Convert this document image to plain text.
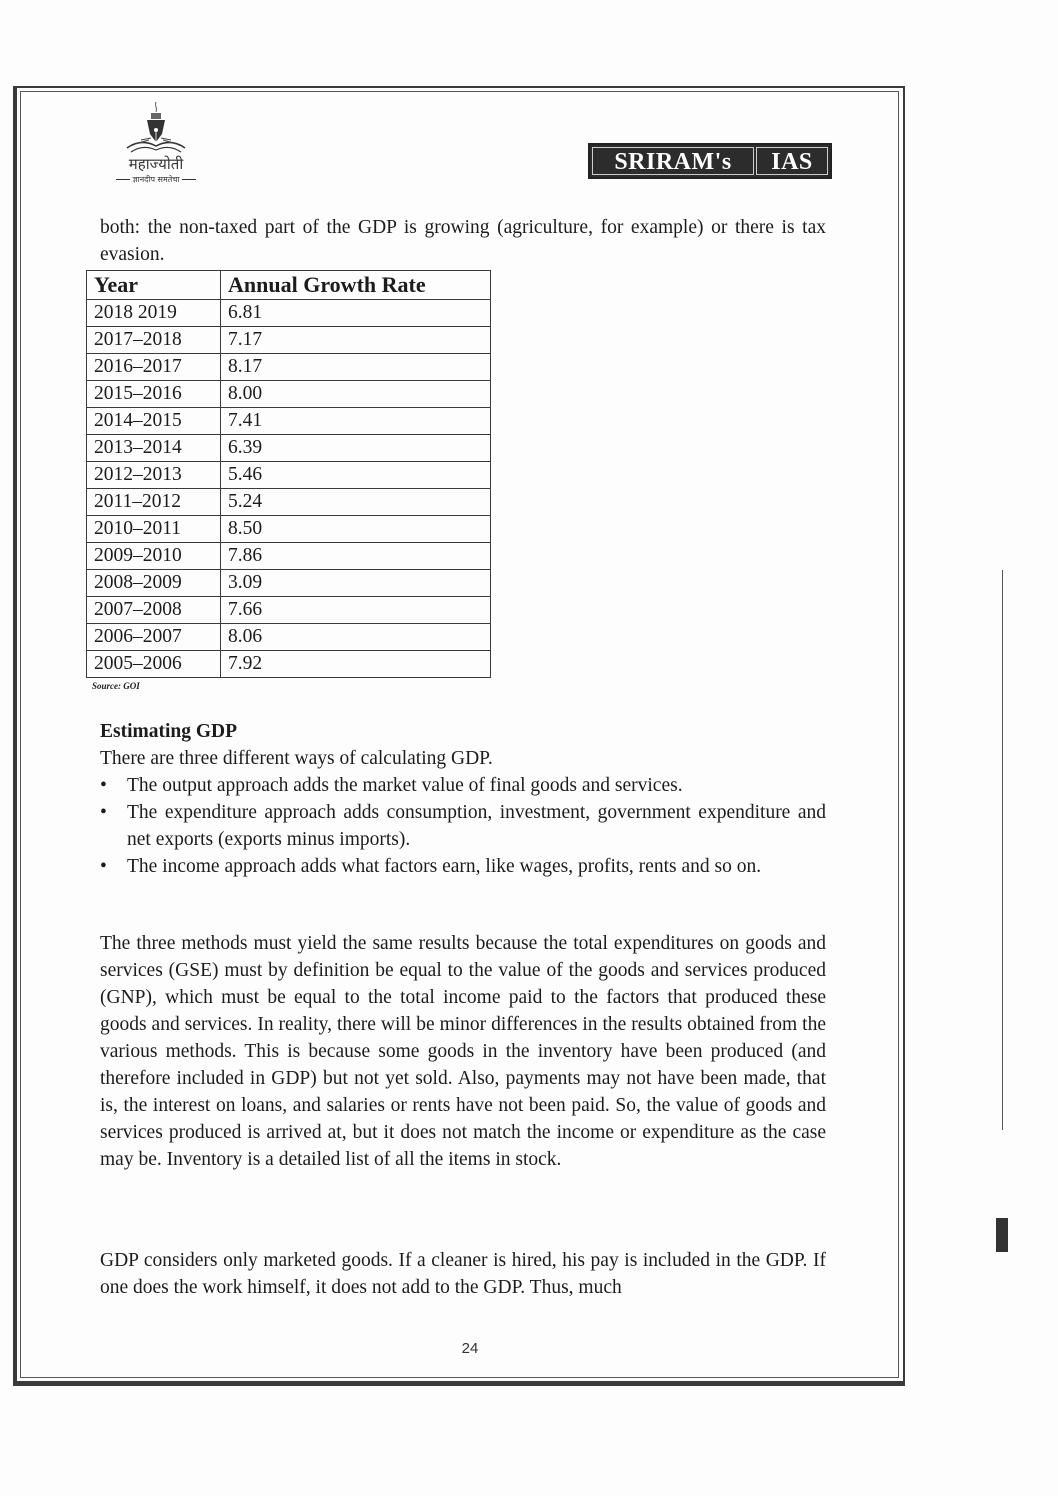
महाज्योती
ज्ञानदीप समतेचा
SRIRAM's	IAS

both: the non-taxed part of the GDP is growing (agriculture, for example) or there is tax evasion.

Year	Annual Growth Rate
2018 2019	6.81
2017–2018	7.17
2016–2017	8.17
2015–2016	8.00
2014–2015	7.41
2013–2014	6.39
2012–2013	5.46
2011–2012	5.24
2010–2011	8.50
2009–2010	7.86
2008–2009	3.09
2007–2008	7.66
2006–2007	8.06
2005–2006	7.92
Source: GOI
Estimating GDP

There are three different ways of calculating GDP.

• The output approach adds the market value of final goods and services.
• The expenditure approach adds consumption, investment, government expenditure and net exports (exports minus imports).
• The income approach adds what factors earn, like wages, profits, rents and so on.

The three methods must yield the same results because the total expenditures on goods and services (GSE) must by definition be equal to the value of the goods and services produced (GNP), which must be equal to the total income paid to the factors that produced these goods and services. In reality, there will be minor differences in the results obtained from the various methods. This is because some goods in the inventory have been produced (and therefore included in GDP) but not yet sold. Also, payments may not have been made, that is, the interest on loans, and salaries or rents have not been paid. So, the value of goods and services produced is arrived at, but it does not match the income or expenditure as the case may be. Inventory is a detailed list of all the items in stock.

GDP considers only marketed goods. If a cleaner is hired, his pay is included in the GDP. If one does the work himself, it does not add to the GDP. Thus, much

24
